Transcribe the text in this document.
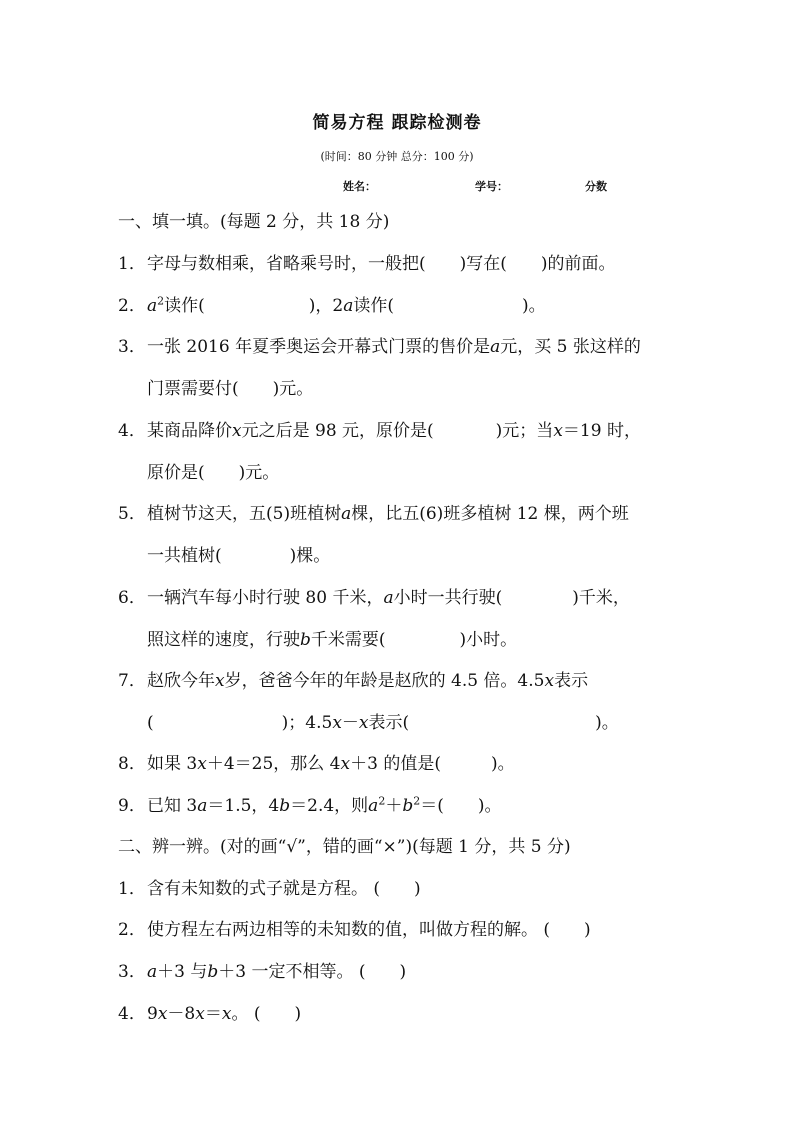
简易方程 跟踪检测卷
(时间：80 分钟 总分：100 分)
姓名：	学号：	分数
一、填一填。(每题 2 分，共 18 分)
1．字母与数相乘，省略乘号时，一般把( )写在( )的前面。
2．$a^2$读作(	)，2a读作(	)。
3．一张 2016 年夏季奥运会开幕式门票的售价是a元，买 5 张这样的
门票需要付( )元。
4．某商品降价x元之后是 98 元，原价是(	)元；当x＝19 时，
原价是( )元。
5．植树节这天，五(5)班植树a棵，比五(6)班多植树 12 棵，两个班
一共植树(	)棵。
6．一辆汽车每小时行驶 80 千米，a小时一共行驶(	)千米，
照这样的速度，行驶b千米需要(	)小时。
7．赵欣今年x岁，爸爸今年的年龄是赵欣的 4.5 倍。4.5x表示
(	)；4.5x－x表示(	)。
8．如果 3x＋4＝25，那么 4x＋3 的值是(	)。
9．已知 3a＝1.5，4b＝2.4，则$a^2+b^2=$( )。
二、辨一辨。(对的画“√”，错的画“×”)(每题 1 分，共 5 分)
1．含有未知数的式子就是方程。 ( )
2．使方程左右两边相等的未知数的值，叫做方程的解。 ( )
3．a＋3 与b＋3 一定不相等。 ( )
4．9x－8x＝x。 ( )
